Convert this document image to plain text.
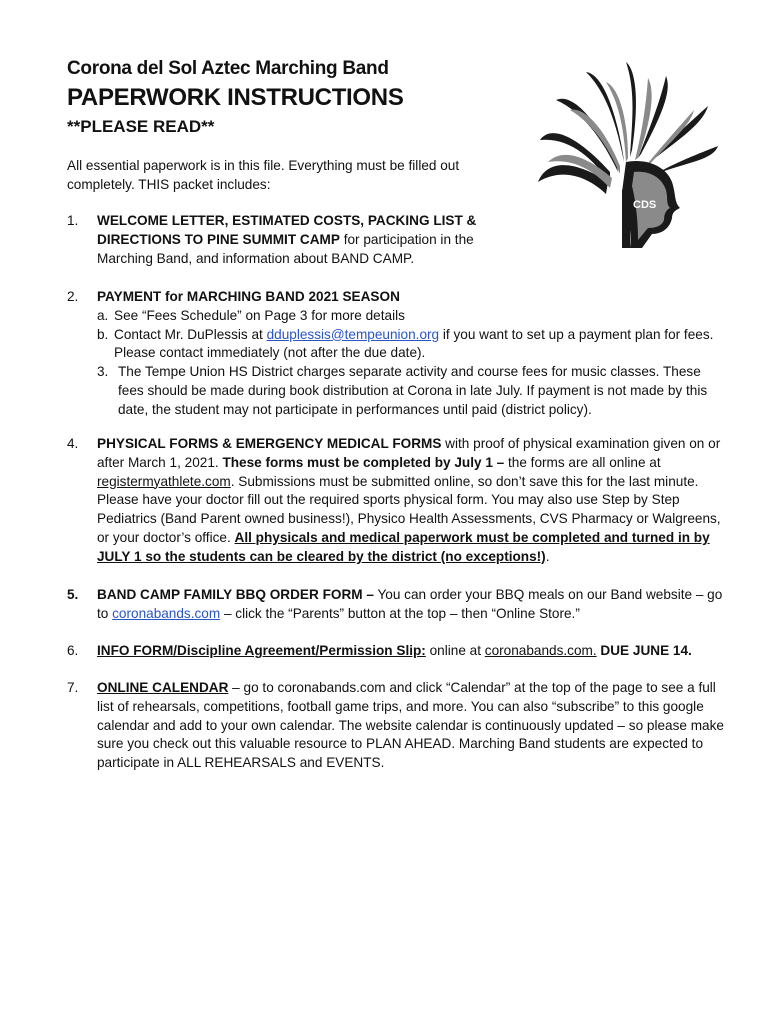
Corona del Sol Aztec Marching Band
PAPERWORK INSTRUCTIONS
**PLEASE READ**
All essential paperwork is in this file. Everything must be filled out completely. THIS packet includes:
CDS
1. WELCOME LETTER, ESTIMATED COSTS, PACKING LIST & DIRECTIONS TO PINE SUMMIT CAMP for participation in the Marching Band, and information about BAND CAMP.
2. PAYMENT for MARCHING BAND 2021 SEASON
a. See “Fees Schedule” on Page 3 for more details
b. Contact Mr. DuPlessis at dduplessis@tempeunion.org if you want to set up a payment plan for fees. Please contact immediately (not after the due date).
3. The Tempe Union HS District charges separate activity and course fees for music classes. These fees should be made during book distribution at Corona in late July. If payment is not made by this date, the student may not participate in performances until paid (district policy).
4. PHYSICAL FORMS & EMERGENCY MEDICAL FORMS with proof of physical examination given on or after March 1, 2021. These forms must be completed by July 1 – the forms are all online at registermyathlete.com. Submissions must be submitted online, so don’t save this for the last minute. Please have your doctor fill out the required sports physical form. You may also use Step by Step Pediatrics (Band Parent owned business!), Physico Health Assessments, CVS Pharmacy or Walgreens, or your doctor’s office. All physicals and medical paperwork must be completed and turned in by JULY 1 so the students can be cleared by the district (no exceptions!).
5. BAND CAMP FAMILY BBQ ORDER FORM – You can order your BBQ meals on our Band website – go to coronabands.com – click the “Parents” button at the top – then “Online Store.”
6. INFO FORM/Discipline Agreement/Permission Slip: online at coronabands.com. DUE JUNE 14.
7. ONLINE CALENDAR – go to coronabands.com and click “Calendar” at the top of the page to see a full list of rehearsals, competitions, football game trips, and more. You can also “subscribe” to this google calendar and add to your own calendar. The website calendar is continuously updated – so please make sure you check out this valuable resource to PLAN AHEAD. Marching Band students are expected to participate in ALL REHEARSALS and EVENTS.
